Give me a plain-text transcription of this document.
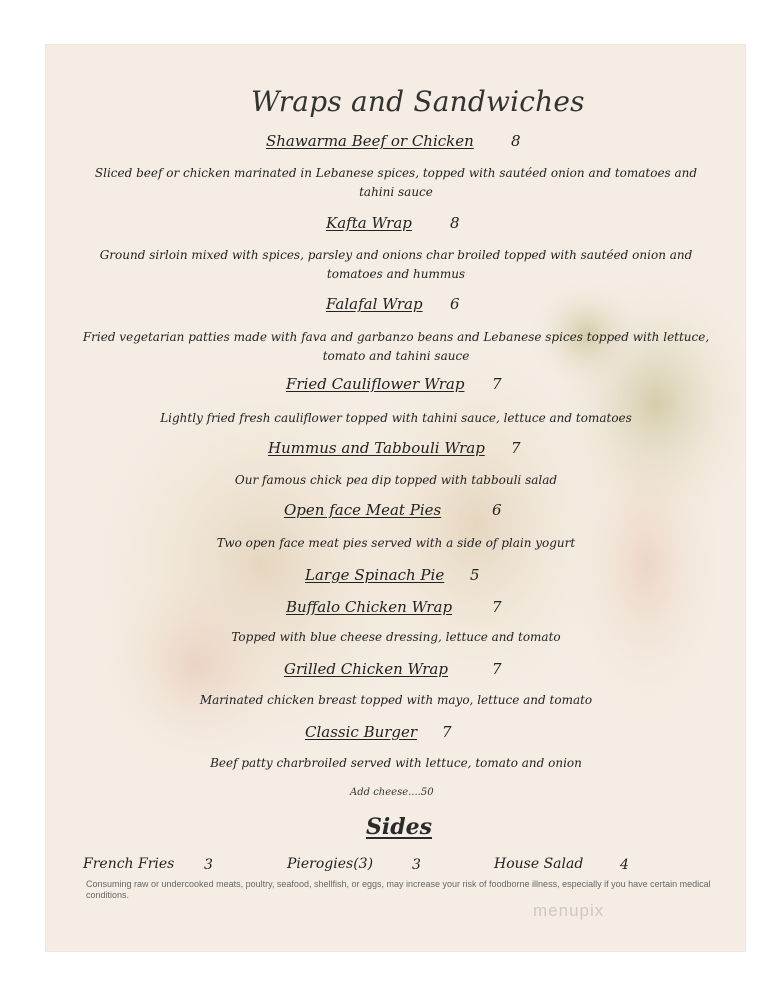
Wraps and Sandwiches
Shawarma Beef or Chicken 8
Sliced beef or chicken marinated in Lebanese spices, topped with sautéed onion and tomatoes and tahini sauce
Kafta Wrap	8
Ground sirloin mixed with spices, parsley and onions char broiled topped with sautéed onion and tomatoes and hummus
Falafal Wrap 6
Fried vegetarian patties made with fava and garbanzo beans and Lebanese spices topped with lettuce, tomato and tahini sauce
Fried Cauliflower Wrap 7
Lightly fried fresh cauliflower topped with tahini sauce, lettuce and tomatoes
Hummus and Tabbouli Wrap 7
Our famous chick pea dip topped with tabbouli salad
Open face Meat Pies	6
Two open face meat pies served with a side of plain yogurt
Large Spinach Pie 5
Buffalo Chicken Wrap	7
Topped with blue cheese dressing, lettuce and tomato
Grilled Chicken Wrap	7
Marinated chicken breast topped with mayo, lettuce and tomato
Classic Burger 7
Beef patty charbroiled served with lettuce, tomato and onion
Add cheese....50
Sides
French Fries 3	Pierogies(3)	3	House Salad	4
Consuming raw or undercooked meats, poultry, seafood, shellfish, or eggs, may increase your risk of foodborne illness, especially if you have certain medical conditions.
menupix
